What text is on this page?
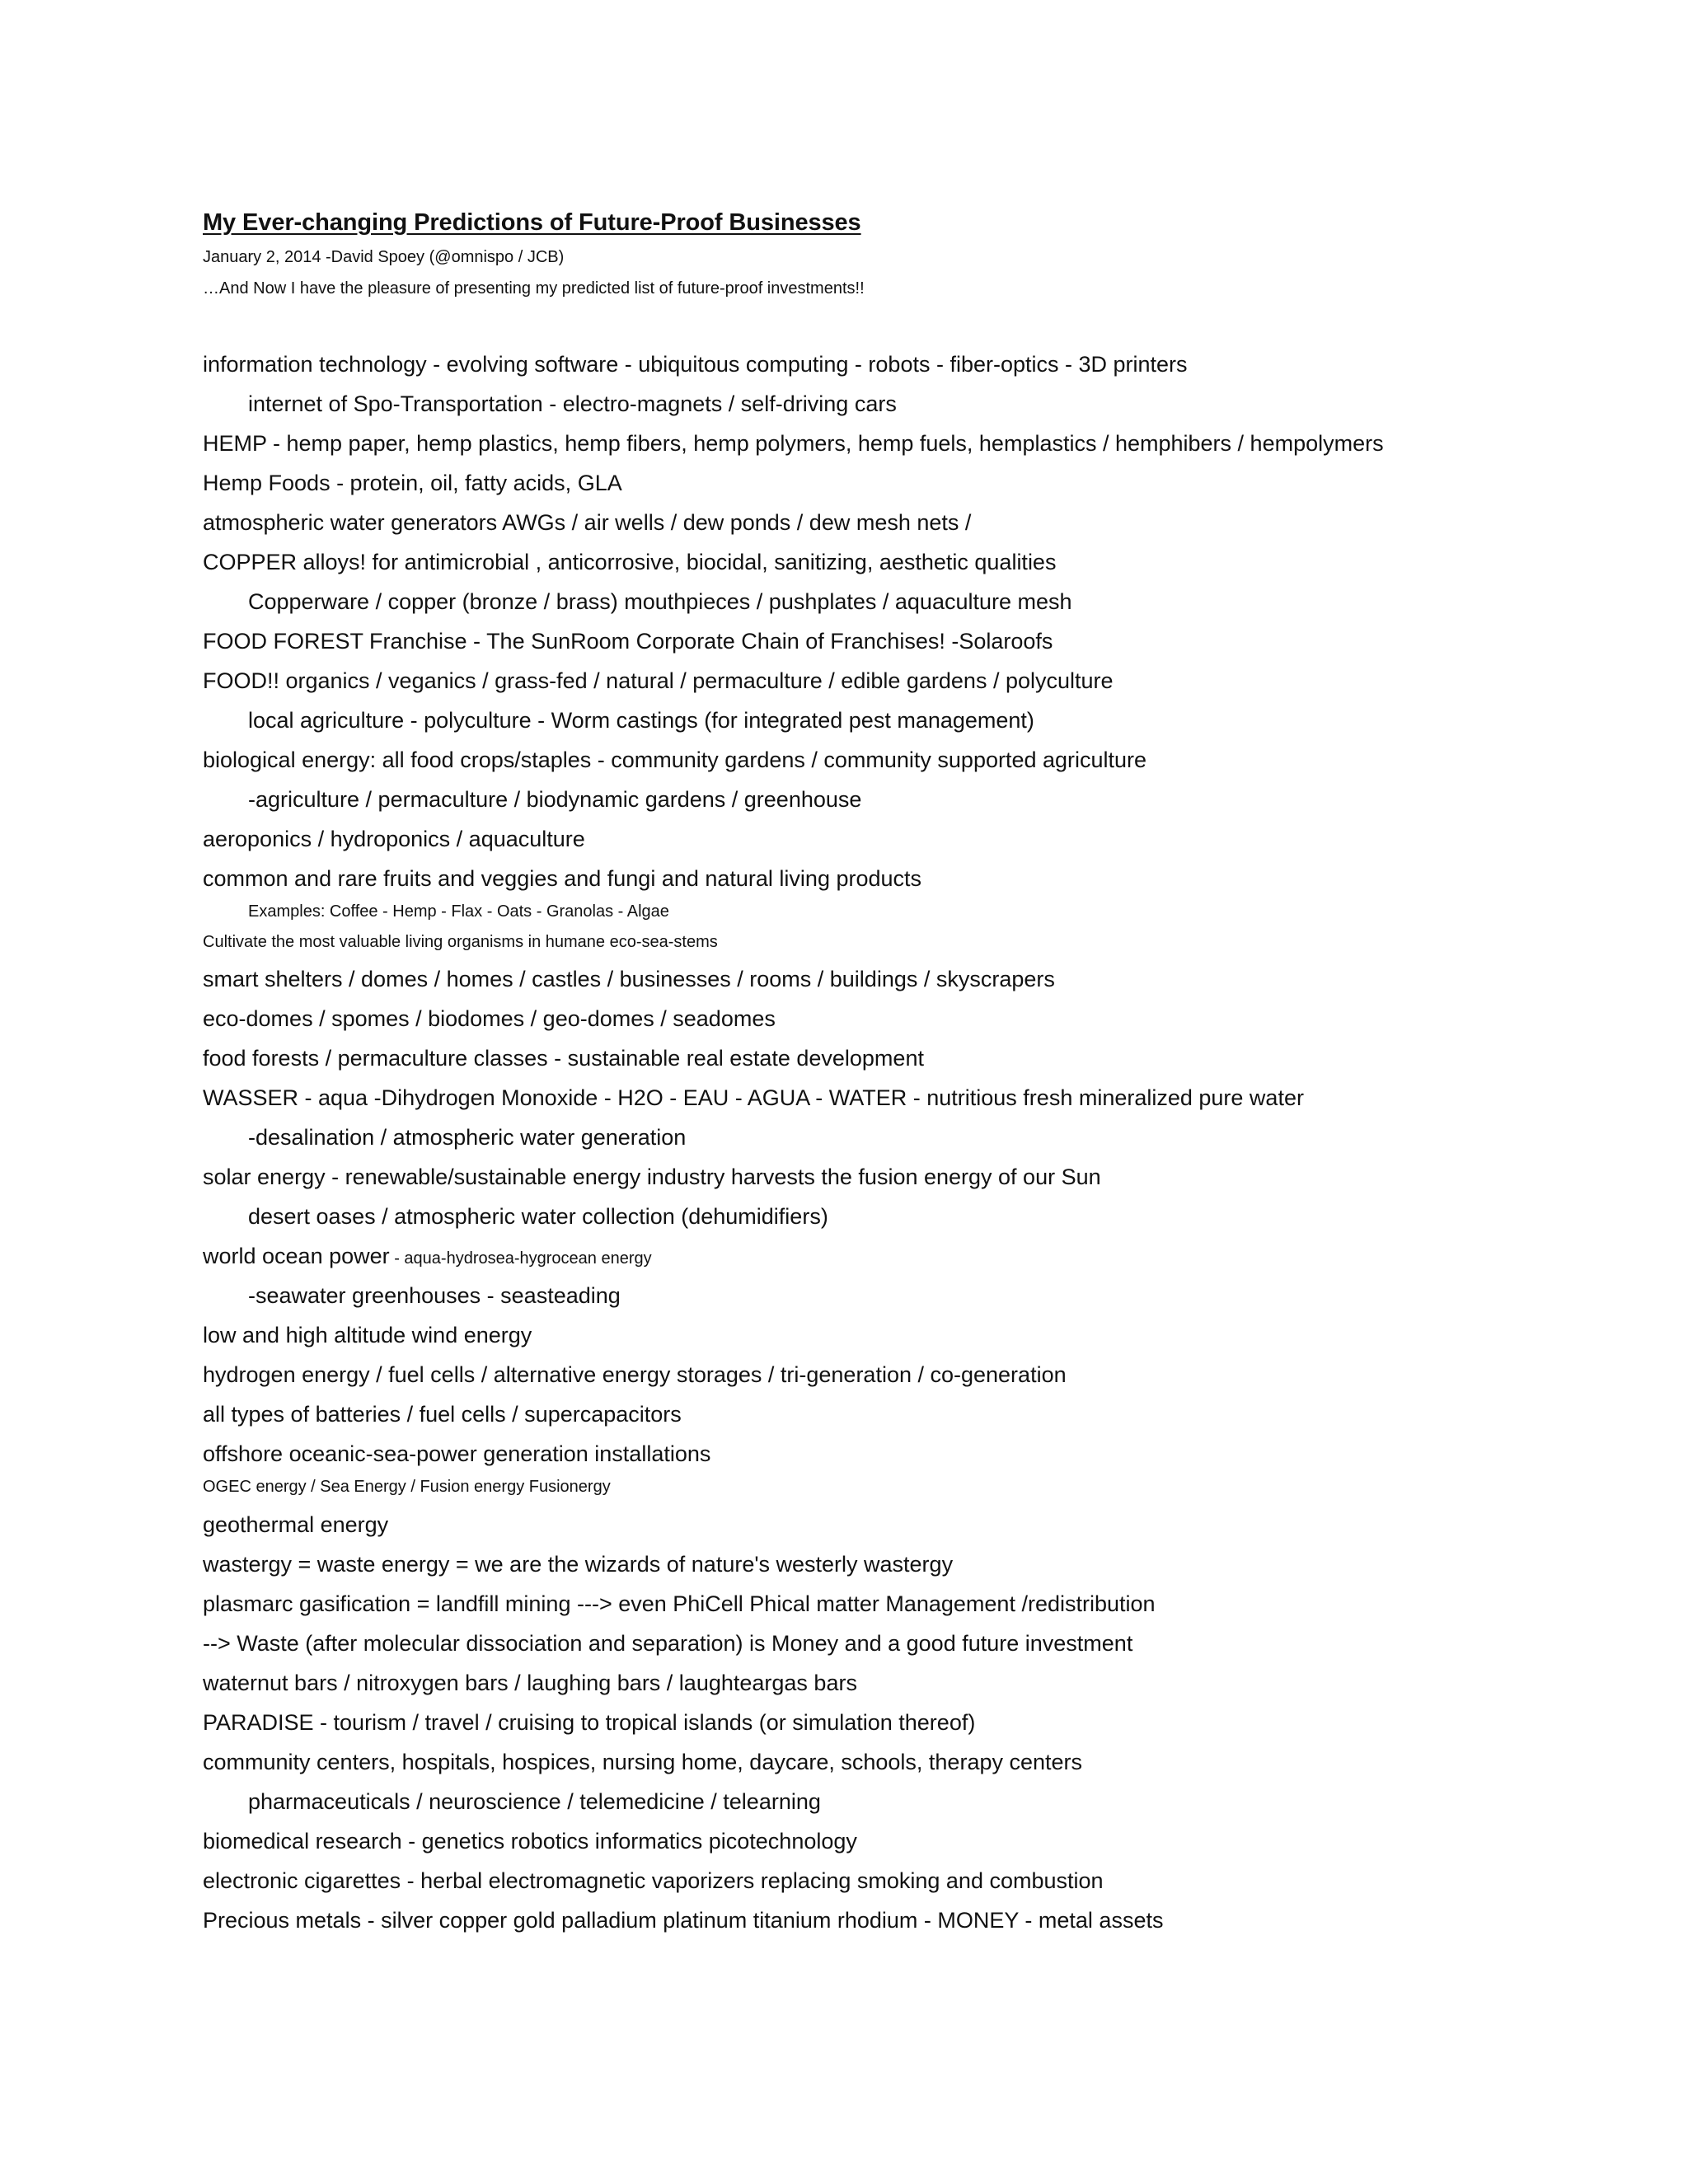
My Ever-changing Predictions of Future-Proof Businesses
January 2, 2014 -David Spoey (@omnispo / JCB)
…And Now I have the pleasure of presenting my predicted list of future-proof investments!!
information technology - evolving software - ubiquitous computing - robots - fiber-optics - 3D printers
internet of Spo-Transportation - electro-magnets / self-driving cars
HEMP - hemp paper, hemp plastics, hemp fibers, hemp polymers, hemp fuels, hemplastics / hemphibers / hempolymers
Hemp Foods - protein, oil, fatty acids, GLA
atmospheric water generators AWGs / air wells / dew ponds / dew mesh nets /
COPPER alloys! for antimicrobial , anticorrosive, biocidal, sanitizing, aesthetic qualities
Copperware / copper (bronze / brass) mouthpieces / pushplates / aquaculture mesh
FOOD FOREST Franchise - The SunRoom Corporate Chain of Franchises! -Solaroofs
FOOD!! organics / veganics / grass-fed / natural / permaculture / edible gardens / polyculture
local agriculture - polyculture - Worm castings (for integrated pest management)
biological energy: all food crops/staples - community gardens / community supported agriculture
-agriculture / permaculture / biodynamic gardens / greenhouse
aeroponics / hydroponics / aquaculture
common and rare fruits and veggies and fungi and natural living products
Examples: Coffee - Hemp - Flax - Oats - Granolas - Algae
Cultivate the most valuable living organisms in humane eco-sea-stems
smart shelters / domes / homes / castles / businesses / rooms / buildings / skyscrapers
eco-domes / spomes / biodomes / geo-domes / seadomes
food forests / permaculture classes - sustainable real estate development
WASSER - aqua -Dihydrogen Monoxide - H2O - EAU - AGUA - WATER - nutritious fresh mineralized pure water
-desalination / atmospheric water generation
solar energy - renewable/sustainable energy industry harvests the fusion energy of our Sun
desert oases / atmospheric water collection (dehumidifiers)
world ocean power - aqua-hydrosea-hygrocean energy
-seawater greenhouses - seasteading
low and high altitude wind energy
hydrogen energy / fuel cells / alternative energy storages / tri-generation / co-generation
all types of batteries / fuel cells / supercapacitors
offshore oceanic-sea-power generation installations
OGEC energy / Sea Energy / Fusion energy Fusionergy
geothermal energy
wastergy = waste energy = we are the wizards of nature's westerly wastergy
plasmarc gasification = landfill mining ---> even PhiCell Phical matter Management /redistribution
--> Waste (after molecular dissociation and separation) is Money and a good future investment
waternut bars / nitroxygen bars / laughing bars / laughteargas bars
PARADISE - tourism / travel / cruising to tropical islands (or simulation thereof)
community centers, hospitals, hospices, nursing home, daycare, schools, therapy centers
pharmaceuticals / neuroscience / telemedicine / telearning
biomedical research - genetics robotics informatics picotechnology
electronic cigarettes - herbal electromagnetic vaporizers replacing smoking and combustion
Precious metals - silver copper gold palladium platinum titanium rhodium - MONEY - metal assets
